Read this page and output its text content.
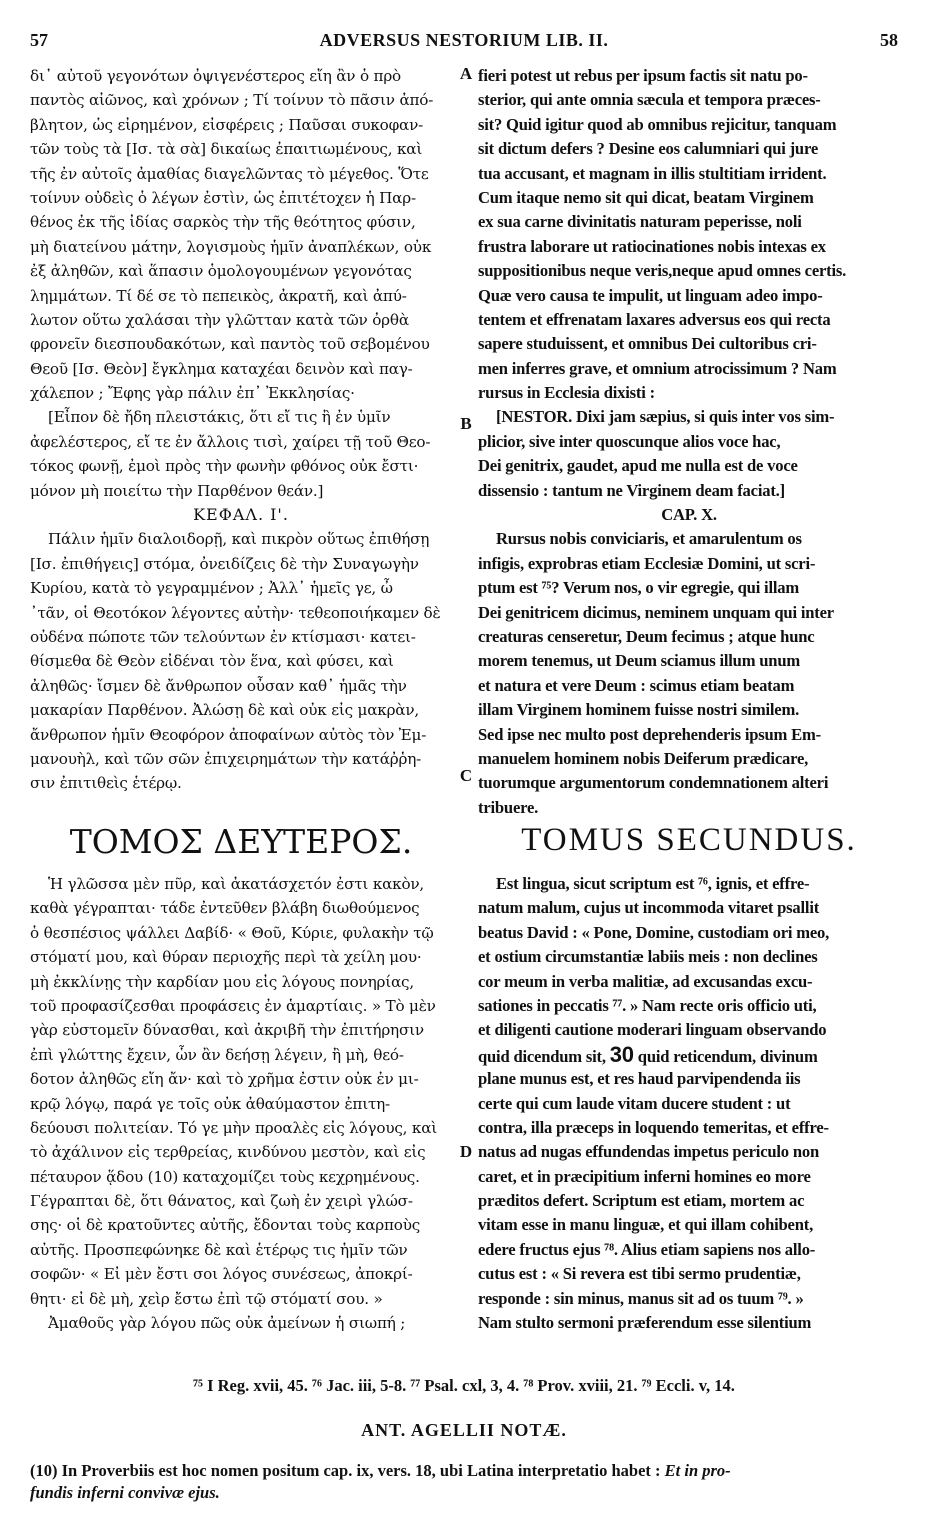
57	ADVERSUS NESTORIUM LIB. II.	58
δι᾽ αὐτοῦ γεγονότων ὀψιγενέστερος εἴη ἂν ὁ πρὸ
παντὸς αἰῶνος, καὶ χρόνων ; Τί τοίνυν τὸ πᾶσιν ἀπό-
βλητον, ὡς εἰρημένον, εἰσφέρεις ; Παῦσαι συκοφαν-
τῶν τοὺς τὰ [Ισ. τὰ σὰ] δικαίως ἐπαιτιωμένους, καὶ
τῆς ἐν αὐτοῖς ἀμαθίας διαγελῶντας τὸ μέγεθος. Ὅτε
τοίνυν οὐδεὶς ὁ λέγων ἐστὶν, ὡς ἐπιτέτοχεν ἡ Παρ-
θένος ἐκ τῆς ἰδίας σαρκὸς τὴν τῆς θεότητος φύσιν,
μὴ διατείνου μάτην, λογισμοὺς ἡμῖν ἀναπλέκων, οὐκ
ἐξ ἀληθῶν, καὶ ἅπασιν ὁμολογουμένων γεγονότας
λημμάτων. Τί δέ σε τὸ πεπεικὸς, ἀκρατῆ, καὶ ἀπύ-
λωτον οὕτω χαλάσαι τὴν γλῶτταν κατὰ τῶν ὀρθὰ
φρονεῖν διεσπουδακότων, καὶ παντὸς τοῦ σεβομένου
Θεοῦ [Ισ. Θεὸν] ἔγκλημα καταχέαι δεινὸν καὶ παγ-
χάλεπον ; Ἔφης γὰρ πάλιν ἐπ᾽ Ἐκκλησίας·
[Εἶπον δὲ ἤδη πλειστάκις, ὅτι εἴ τις ἢ ἐν ὑμῖν
ἀφελέστερος, εἴ τε ἐν ἄλλοις τισὶ, χαίρει τῇ τοῦ Θεο-
τόκος φωνῇ, ἐμοὶ πρὸς τὴν φωνὴν φθόνος οὐκ ἔστι·
μόνον μὴ ποιείτω τὴν Παρθένον θεάν.]
ΚΕΦΑΛ. Ι'.
Πάλιν ἡμῖν διαλοιδορῇ, καὶ πικρὸν οὕτως ἐπιθήσῃ
[Ισ. ἐπιθήγεις] στόμα, ὀνειδίζεις δὲ τὴν Συναγωγὴν
Κυρίου, κατὰ τὸ γεγραμμένον ; Ἀλλ᾽ ἡμεῖς γε, ὦ
᾽τᾶν, οἱ Θεοτόκον λέγοντες αὐτὴν· τεθεοποιήκαμεν δὲ
οὐδένα πώποτε τῶν τελούντων ἐν κτίσμασι· κατει-
θίσμεθα δὲ Θεὸν εἰδέναι τὸν ἕνα, καὶ φύσει, καὶ
ἀληθῶς· ἴσμεν δὲ ἄνθρωπον οὖσαν καθ᾽ ἡμᾶς τὴν
μακαρίαν Παρθένον. Ἀλώσῃ δὲ καὶ οὐκ εἰς μακρὰν,
ἄνθρωπον ἡμῖν Θεοφόρον ἀποφαίνων αὐτὸς τὸν Ἐμ-
μανουὴλ, καὶ τῶν σῶν ἐπιχειρημάτων τὴν κατάῤῥη-
σιν ἐπιτιθεὶς ἑτέρῳ.
fieri potest ut rebus per ipsum factis sit natu po-
sterior, qui ante omnia sæcula et tempora præces-
sit? Quid igitur quod ab omnibus rejicitur, tanquam
sit dictum defers ? Desine eos calumniari qui jure
tua accusant, et magnam in illis stultitiam irrident.
Cum itaque nemo sit qui dicat, beatam Virginem
ex sua carne divinitatis naturam peperisse, noli
frustra laborare ut ratiocinationes nobis intexas ex
suppositionibus neque veris,neque apud omnes certis.
Quæ vero causa te impulit, ut linguam adeo impo-
tentem et effrenatam laxares adversus eos qui recta
sapere studuissent, et omnibus Dei cultoribus cri-
men inferres grave, et omnium atrocissimum ? Nam
rursus in Ecclesia dixisti :
[NESTOR. Dixi jam sæpius, si quis inter vos sim-
plicior, sive inter quoscunque alios voce hac,
Dei genitrix, gaudet, apud me nulla est de voce
dissensio : tantum ne Virginem deam faciat.]
CAP. X.
Rursus nobis conviciaris, et amarulentum os
infigis, exprobras etiam Ecclesiæ Domini, ut scri-
ptum est ⁷⁵? Verum nos, o vir egregie, qui illam
Dei genitricem dicimus, neminem unquam qui inter
creaturas censeretur, Deum fecimus ; atque hunc
morem tenemus, ut Deum sciamus illum unum
et natura et vere Deum : scimus etiam beatam
illam Virginem hominem fuisse nostri similem.
Sed ipse nec multo post deprehenderis ipsum Em-
manuelem hominem nobis Deiferum prædicare,
tuorumque argumentorum condemnationem alteri
tribuere.
ΤΟΜΟΣ ΔΕΥΤΕΡΟΣ.	TOMUS SECUNDUS.
Ἡ γλῶσσα μὲν πῦρ, καὶ ἀκατάσχετόν ἐστι κακὸν,
καθὰ γέγραπται· τάδε ἐντεῦθεν βλάβη διωθούμενος
ὁ θεσπέσιος ψάλλει Δαβίδ· « Θοῦ, Κύριε, φυλακὴν τῷ
στόματί μου, καὶ θύραν περιοχῆς περὶ τὰ χείλη μου·
μὴ ἐκκλίνῃς τὴν καρδίαν μου εἰς λόγους πονηρίας,
τοῦ προφασίζεσθαι προφάσεις ἐν ἁμαρτίαις. » Τὸ μὲν
γὰρ εὐστομεῖν δύνασθαι, καὶ ἀκριβῆ τὴν ἐπιτήρησιν
ἐπὶ γλώττης ἔχειν, ὧν ἂν δεήσῃ λέγειν, ἢ μὴ, θεό-
δοτον ἀληθῶς εἴη ἄν· καὶ τὸ χρῆμα ἐστιν οὐκ ἐν μι-
κρῷ λόγῳ, παρά γε τοῖς οὐκ ἀθαύμαστον ἐπιτη-
δεύουσι πολιτείαν. Τό γε μὴν προαλὲς εἰς λόγους, καὶ
τὸ ἀχάλινον εἰς τερθρείας, κινδύνου μεστὸν, καὶ εἰς
πέταυρον ᾅδου (10) καταχομίζει τοὺς κεχρημένους.
Γέγραπται δὲ, ὅτι θάνατος, καὶ ζωὴ ἐν χειρὶ γλώσ-
σης· οἱ δὲ κρατοῦντες αὐτῆς, ἔδονται τοὺς καρποὺς
αὐτῆς. Προσπεφώνηκε δὲ καὶ ἑτέρῳς τις ἡμῖν τῶν
σοφῶν· « Εἰ μὲν ἔστι σοι λόγος συνέσεως, ἀποκρί-
θητι· εἰ δὲ μὴ, χεὶρ ἔστω ἐπὶ τῷ στόματί σου. »
Ἀμαθοῦς γὰρ λόγου πῶς οὐκ ἀμείνων ἡ σιωπή ;
Est lingua, sicut scriptum est ⁷⁶, ignis, et effre-
natum malum, cujus ut incommoda vitaret psallit
beatus David : « Pone, Domine, custodiam ori meo,
et ostium circumstantiæ labiis meis : non declines
cor meum in verba malitiæ, ad excusandas excu-
sationes in peccatis ⁷⁷. » Nam recte oris officio uti,
et diligenti cautione moderari linguam observando
quid dicendum sit, 30 quid reticendum, divinum
plane munus est, et res haud parvipendenda iis
certe qui cum laude vitam ducere student : ut
contra, illa præceps in loquendo temeritas, et effre-
natus ad nugas effundendas impetus periculo non
caret, et in præcipitium inferni homines eo more
præditos defert. Scriptum est etiam, mortem ac
vitam esse in manu linguæ, et qui illam cohibent,
edere fructus ejus ⁷⁸. Alius etiam sapiens nos allo-
cutus est : « Si revera est tibi sermo prudentiæ,
responde : sin minus, manus sit ad os tuum ⁷⁹. »
Nam stulto sermoni præferendum esse silentium
A
B
C
D
⁷⁵ I Reg. xvii, 45. ⁷⁶ Jac. iii, 5-8. ⁷⁷ Psal. cxl, 3, 4. ⁷⁸ Prov. xviii, 21. ⁷⁹ Eccli. v, 14.
ANT. AGELLII NOTÆ.
(10) In Proverbiis est hoc nomen positum cap. ix, vers. 18, ubi Latina interpretatio habet : Et in pro-
fundis inferni convivæ ejus.
